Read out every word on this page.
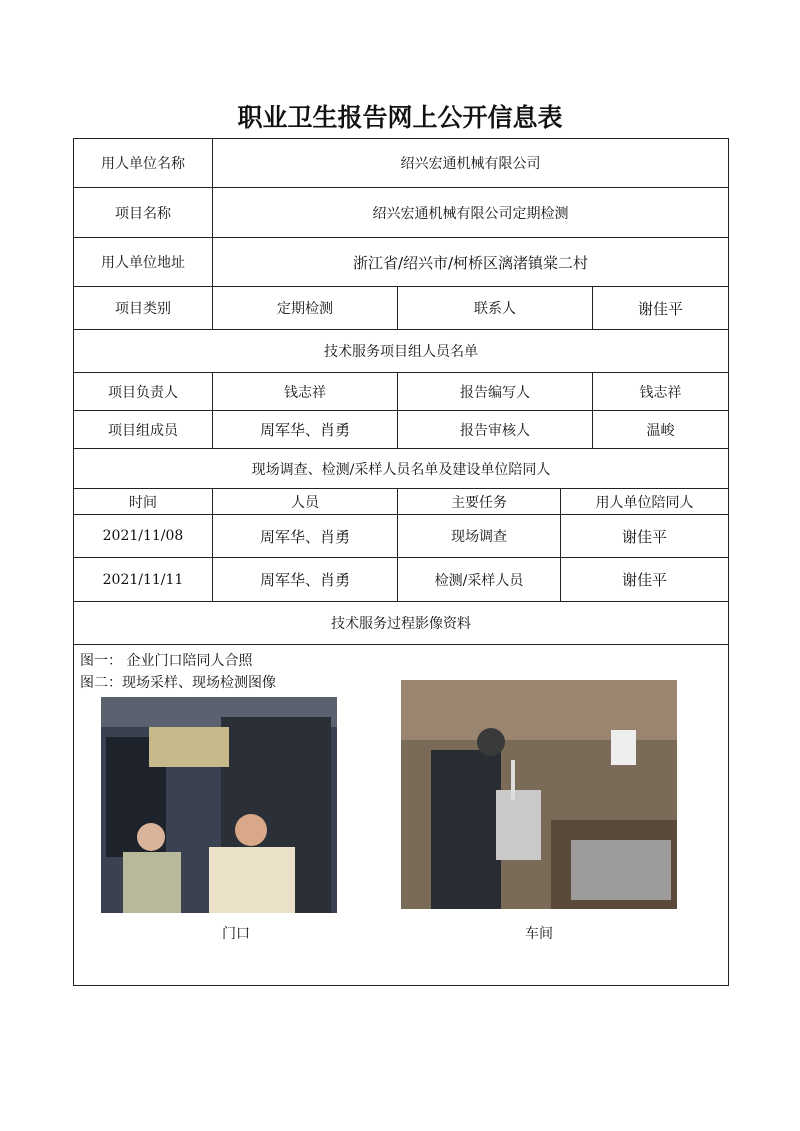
职业卫生报告网上公开信息表
用人单位名称	绍兴宏通机械有限公司
项目名称	绍兴宏通机械有限公司定期检测
用人单位地址	浙江省/绍兴市/柯桥区漓渚镇棠二村
项目类别	定期检测	联系人	谢佳平
技术服务项目组人员名单
项目负责人	钱志祥	报告编写人	钱志祥
项目组成员	周军华、肖勇	报告审核人	温峻
现场调查、检测/采样人员名单及建设单位陪同人
时间	人员	主要任务	用人单位陪同人
2021/11/08	周军华、肖勇	现场调查	谢佳平
2021/11/11	周军华、肖勇	检测/采样人员	谢佳平
技术服务过程影像资料
图一： 企业门口陪同人合照
图二：现场采样、现场检测图像
门口	车间
